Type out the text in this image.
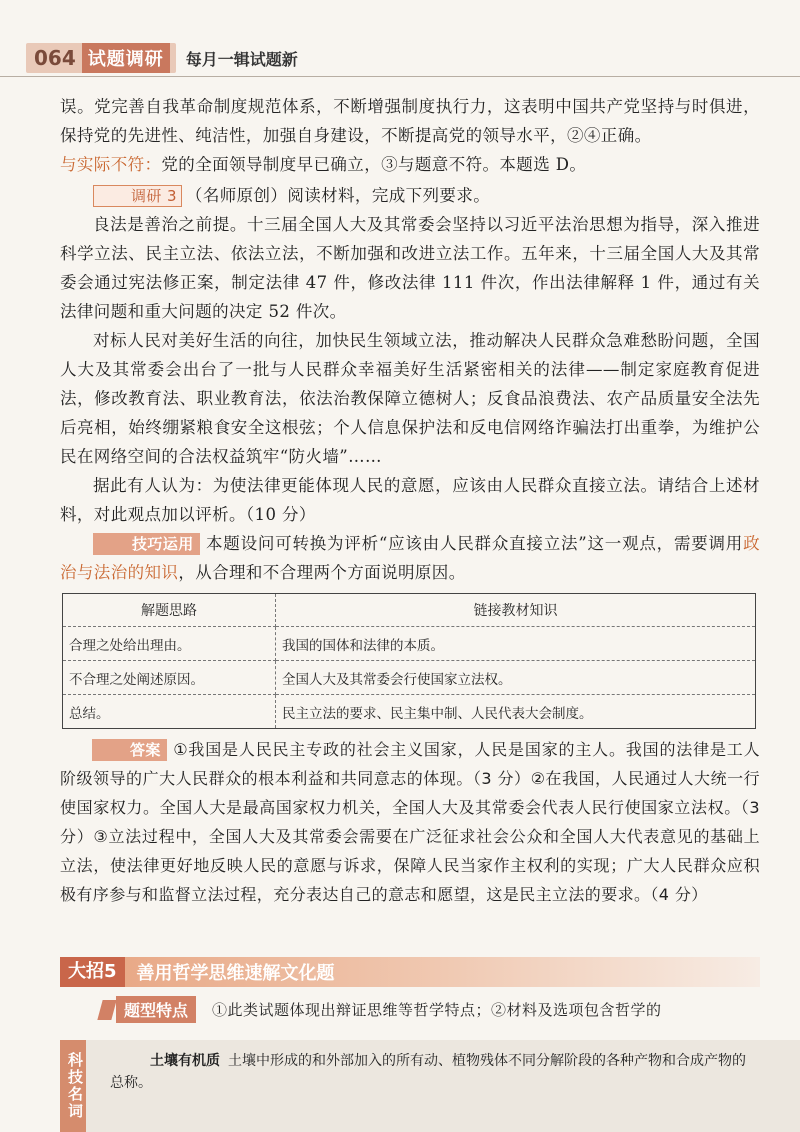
064 试题调研	每月一辑试题新

误。党完善自我革命制度规范体系，不断增强制度执行力，这表明中国共产党坚持与时俱进，保持党的先进性、纯洁性，加强自身建设，不断提高党的领导水平，②④正确。

与实际不符：党的全面领导制度早已确立，③与题意不符。本题选 D。

调研 3 （名师原创）阅读材料，完成下列要求。

良法是善治之前提。十三届全国人大及其常委会坚持以习近平法治思想为指导，深入推进科学立法、民主立法、依法立法，不断加强和改进立法工作。五年来，十三届全国人大及其常委会通过宪法修正案，制定法律 47 件，修改法律 111 件次，作出法律解释 1 件，通过有关法律问题和重大问题的决定 52 件次。

对标人民对美好生活的向往，加快民生领域立法，推动解决人民群众急难愁盼问题，全国人大及其常委会出台了一批与人民群众幸福美好生活紧密相关的法律——制定家庭教育促进法，修改教育法、职业教育法，依法治教保障立德树人；反食品浪费法、农产品质量安全法先后亮相，始终绷紧粮食安全这根弦；个人信息保护法和反电信网络诈骗法打出重拳，为维护公民在网络空间的合法权益筑牢“防火墙”……

据此有人认为：为使法律更能体现人民的意愿，应该由人民群众直接立法。请结合上述材料，对此观点加以评析。（10 分）

技巧运用 本题设问可转换为评析“应该由人民群众直接立法”这一观点，需要调用政治与法治的知识，从合理和不合理两个方面说明原因。

解题思路	链接教材知识
合理之处给出理由。	我国的国体和法律的本质。
不合理之处阐述原因。	全国人大及其常委会行使国家立法权。
总结。	民主立法的要求、民主集中制、人民代表大会制度。

答案 ①我国是人民民主专政的社会主义国家，人民是国家的主人。我国的法律是工人阶级领导的广大人民群众的根本利益和共同意志的体现。（3 分）②在我国，人民通过人大统一行使国家权力。全国人大是最高国家权力机关，全国人大及其常委会代表人民行使国家立法权。（3 分）③立法过程中，全国人大及其常委会需要在广泛征求社会公众和全国人大代表意见的基础上立法，使法律更好地反映人民的意愿与诉求，保障人民当家作主权利的实现；广大人民群众应积极有序参与和监督立法过程，充分表达自己的意志和愿望，这是民主立法的要求。（4 分）

大招5	善用哲学思维速解文化题
题型特点	①此类试题体现出辩证思维等哲学特点；②材料及选项包含哲学的
科技名词	土壤有机质 土壤中形成的和外部加入的所有动、植物残体不同分解阶段的各种产物和合成产物的总称。
